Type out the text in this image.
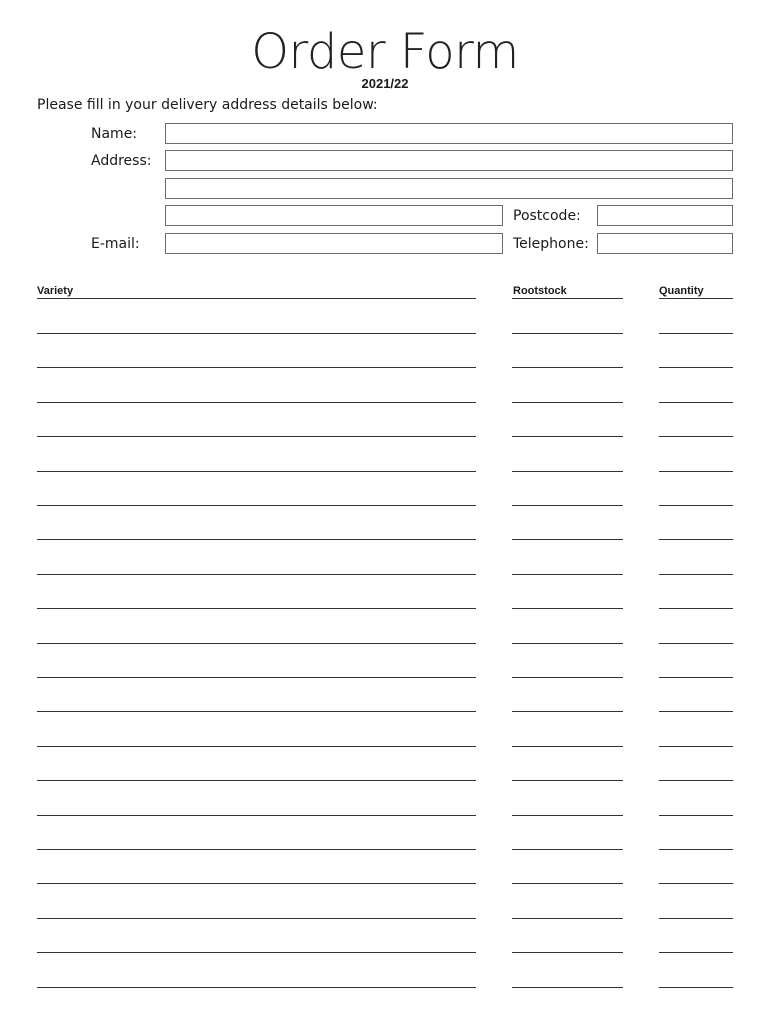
Order Form
2021/22
Please fill in your delivery address details below:
Name:
Address:
Postcode:
E-mail:	Telephone:
Variety	Rootstock	Quantity
